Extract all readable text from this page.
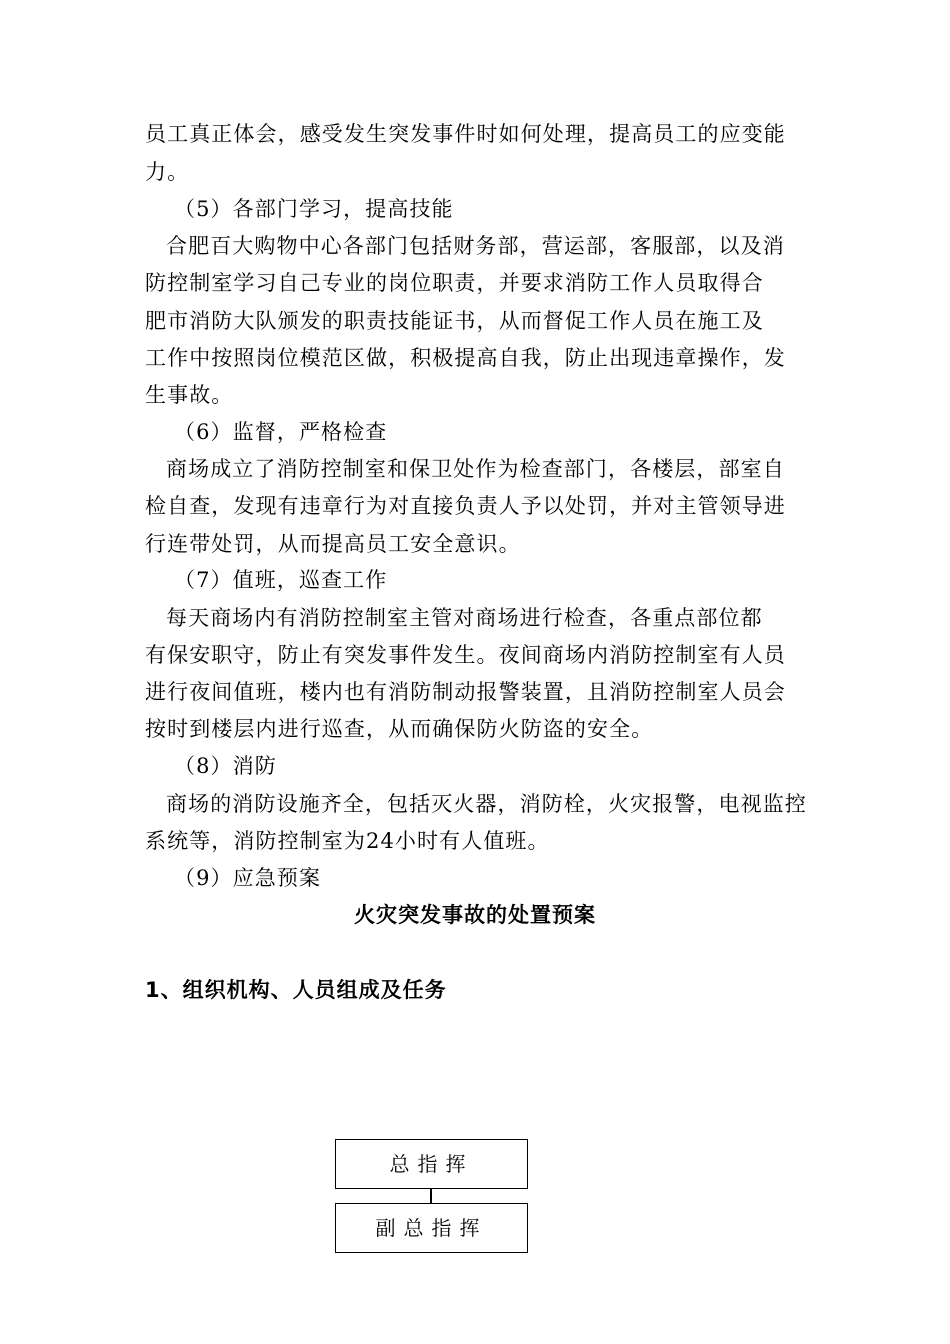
员工真正体会，感受发生突发事件时如何处理，提高员工的应变能
力。
（5）各部门学习，提高技能
合肥百大购物中心各部门包括财务部，营运部，客服部，以及消
防控制室学习自己专业的岗位职责，并要求消防工作人员取得合
肥市消防大队颁发的职责技能证书，从而督促工作人员在施工及
工作中按照岗位模范区做，积极提高自我，防止出现违章操作，发
生事故。
（6）监督，严格检查
商场成立了消防控制室和保卫处作为检查部门，各楼层，部室自
检自查，发现有违章行为对直接负责人予以处罚，并对主管领导进
行连带处罚，从而提高员工安全意识。
（7）值班，巡查工作
每天商场内有消防控制室主管对商场进行检查，各重点部位都
有保安职守，防止有突发事件发生。夜间商场内消防控制室有人员
进行夜间值班，楼内也有消防制动报警装置，且消防控制室人员会
按时到楼层内进行巡查，从而确保防火防盗的安全。
（8）消防
商场的消防设施齐全，包括灭火器，消防栓，火灾报警，电视监控
系统等，消防控制室为24小时有人值班。
（9）应急预案
火灾突发事故的处置预案
1、组织机构、人员组成及任务
总指挥
副总指挥
